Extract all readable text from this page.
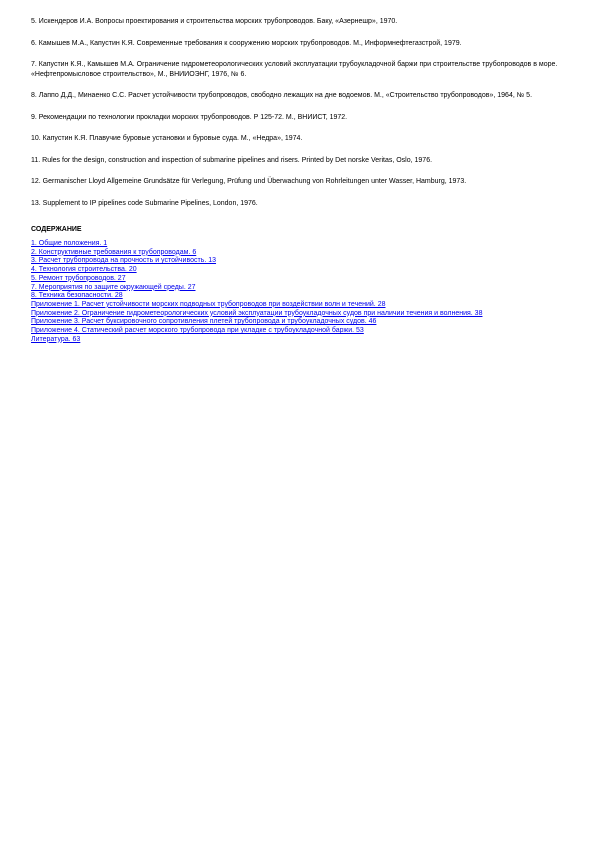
5. Искендеров И.А. Вопросы проектирования и строительства морских трубопроводов. Баку, «Азернешр», 1970.

6. Камышев М.А., Капустин К.Я. Современные требования к сооружению морских трубопроводов. М., Информнефтегазстрой, 1979.

7. Капустин К.Я., Камышев М.А. Ограничение гидрометеорологических условий эксплуатации трубоукладочной баржи при строительстве трубопроводов в море. «Нефтепромысловое строительство», М., ВНИИОЭНГ, 1976, № 6.

8. Лаппо Д.Д., Минаенко С.С. Расчет устойчивости трубопроводов, свободно лежащих на дне водоемов. М., «Строительство трубопроводов», 1964, № 5.

9. Рекомендации по технологии прокладки морских трубопроводов. Р 125-72. М., ВНИИСТ, 1972.

10. Капустин К.Я. Плавучие буровые установки и буровые суда. М., «Недра», 1974.

11. Rules for the design, construction and inspection of submarine pipelines and risers. Printed by Det norske Veritas, Oslo, 1976.

12. Germanischer Lloyd Allgemeine Grundsätze für Verlegung, Prüfung und Überwachung von Rohrleitungen unter Wasser, Hamburg, 1973.

13. Supplement to IP pipelines code Submarine Pipelines, London, 1976.

СОДЕРЖАНИЕ
1. Общие положения. 1
2. Конструктивные требования к трубопроводам. 6
3. Расчет трубопровода на прочность и устойчивость. 13
4. Технология строительства. 20
5. Ремонт трубопроводов. 27
7. Мероприятия по защите окружающей среды. 27
8. Техника безопасности. 28
Приложение 1. Расчет устойчивости морских подводных трубопроводов при воздействии волн и течений. 28
Приложение 2. Ограничение гидрометеорологических условий эксплуатации трубоукладочных судов при наличии течения и волнения. 38
Приложение 3. Расчет буксировочного сопротивления плетей трубопровода и трубоукладочных судов. 46
Приложение 4. Статический расчет морского трубопровода при укладке с трубоукладочной баржи. 53
Литература. 63
